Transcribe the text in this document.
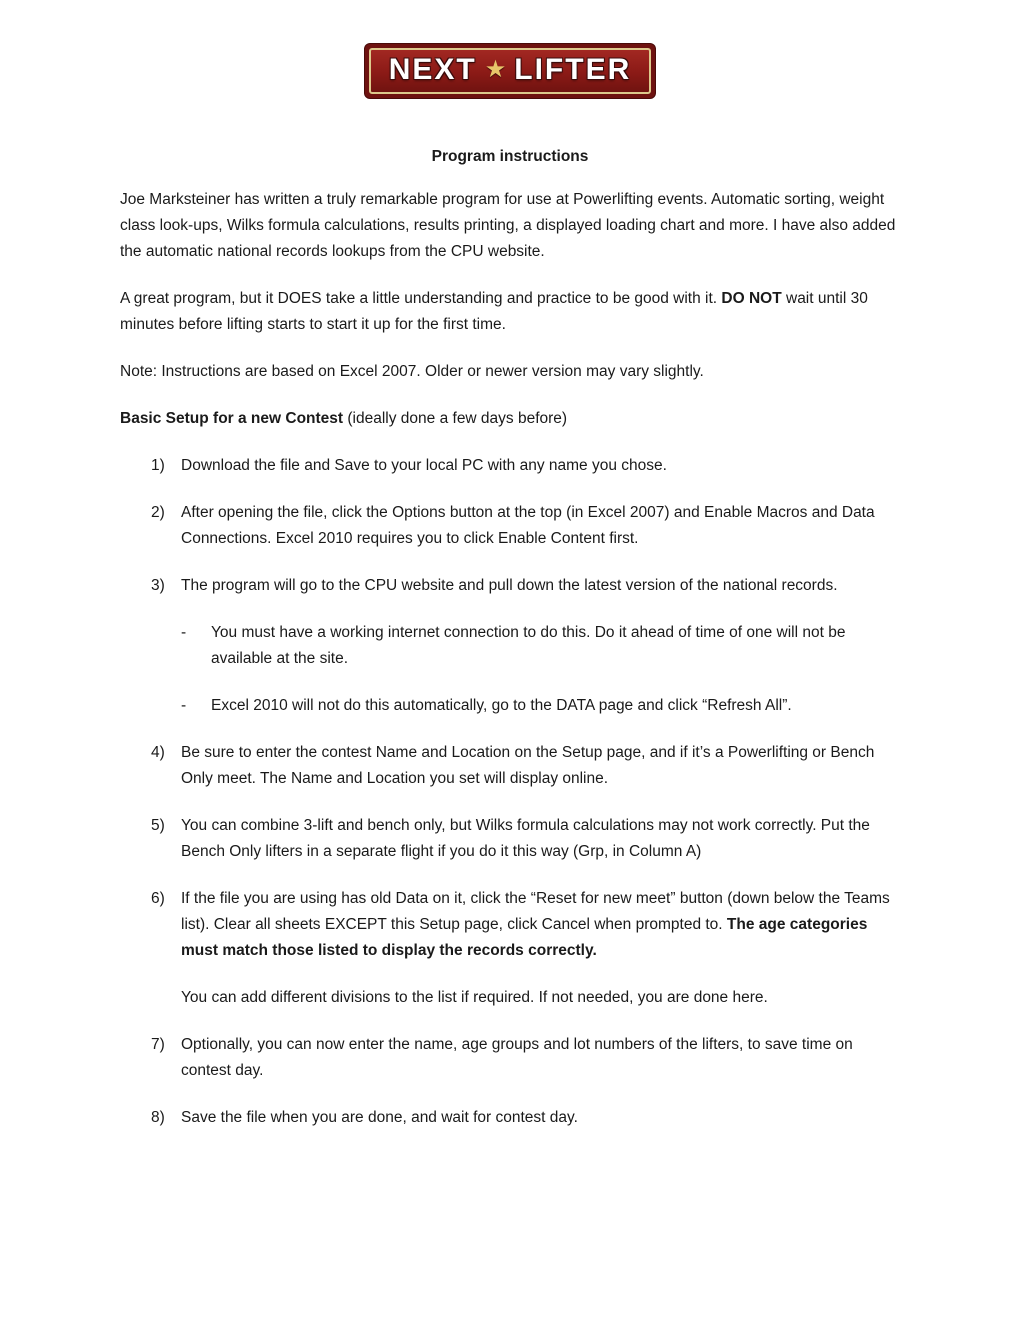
NEXT ★ LIFTER
Program instructions

Joe Marksteiner has written a truly remarkable program for use at Powerlifting events. Automatic sorting, weight class look-ups, Wilks formula calculations, results printing, a displayed loading chart and more. I have also added the automatic national records lookups from the CPU website.

A great program, but it DOES take a little understanding and practice to be good with it. DO NOT wait until 30 minutes before lifting starts to start it up for the first time.

Note: Instructions are based on Excel 2007. Older or newer version may vary slightly.

Basic Setup for a new Contest (ideally done a few days before)

1)	Download the file and Save to your local PC with any name you chose.
2)	After opening the file, click the Options button at the top (in Excel 2007) and Enable Macros and Data Connections. Excel 2010 requires you to click Enable Content first.
3)	The program will go to the CPU website and pull down the latest version of the national records.
-	You must have a working internet connection to do this. Do it ahead of time of one will not be available at the site.
-	Excel 2010 will not do this automatically, go to the DATA page and click “Refresh All”.
4)	Be sure to enter the contest Name and Location on the Setup page, and if it’s a Powerlifting or Bench Only meet. The Name and Location you set will display online.
5)	You can combine 3-lift and bench only, but Wilks formula calculations may not work correctly. Put the Bench Only lifters in a separate flight if you do it this way (Grp, in Column A)
6)	If the file you are using has old Data on it, click the “Reset for new meet” button (down below the Teams list). Clear all sheets EXCEPT this Setup page, click Cancel when prompted to. The age categories must match those listed to display the records correctly.

You can add different divisions to the list if required. If not needed, you are done here.

7)	Optionally, you can now enter the name, age groups and lot numbers of the lifters, to save time on contest day.
8)	Save the file when you are done, and wait for contest day.
